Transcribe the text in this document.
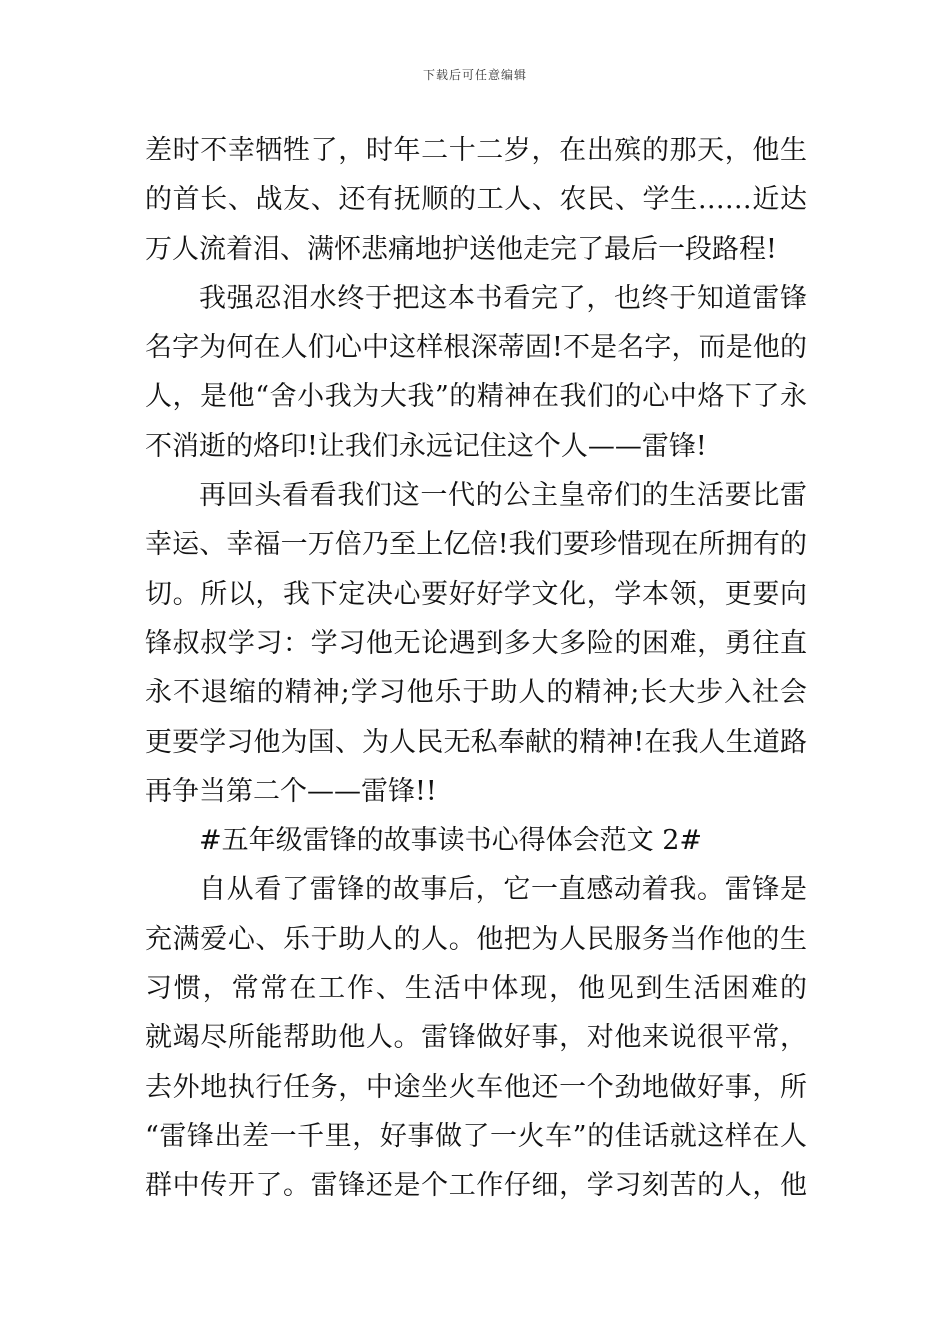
下载后可任意编辑
差时不幸牺牲了，时年二十二岁，在出殡的那天，他生
的首长、战友、还有抚顺的工人、农民、学生……近达
万人流着泪、满怀悲痛地护送他走完了最后一段路程!
我强忍泪水终于把这本书看完了，也终于知道雷锋
名字为何在人们心中这样根深蒂固!不是名字，而是他的
人，是他“舍小我为大我”的精神在我们的心中烙下了永
不消逝的烙印!让我们永远记住这个人——雷锋!
再回头看看我们这一代的公主皇帝们的生活要比雷
幸运、幸福一万倍乃至上亿倍!我们要珍惜现在所拥有的
切。所以，我下定决心要好好学文化，学本领，更要向
锋叔叔学习：学习他无论遇到多大多险的困难，勇往直
永不退缩的精神;学习他乐于助人的精神;长大步入社会
更要学习他为国、为人民无私奉献的精神!在我人生道路
再争当第二个——雷锋!!
#五年级雷锋的故事读书心得体会范文 2#
自从看了雷锋的故事后，它一直感动着我。雷锋是
充满爱心、乐于助人的人。他把为人民服务当作他的生
习惯，常常在工作、生活中体现，他见到生活困难的
就竭尽所能帮助他人。雷锋做好事，对他来说很平常，
去外地执行任务，中途坐火车他还一个劲地做好事，所
“雷锋出差一千里，好事做了一火车”的佳话就这样在人
群中传开了。雷锋还是个工作仔细，学习刻苦的人，他
